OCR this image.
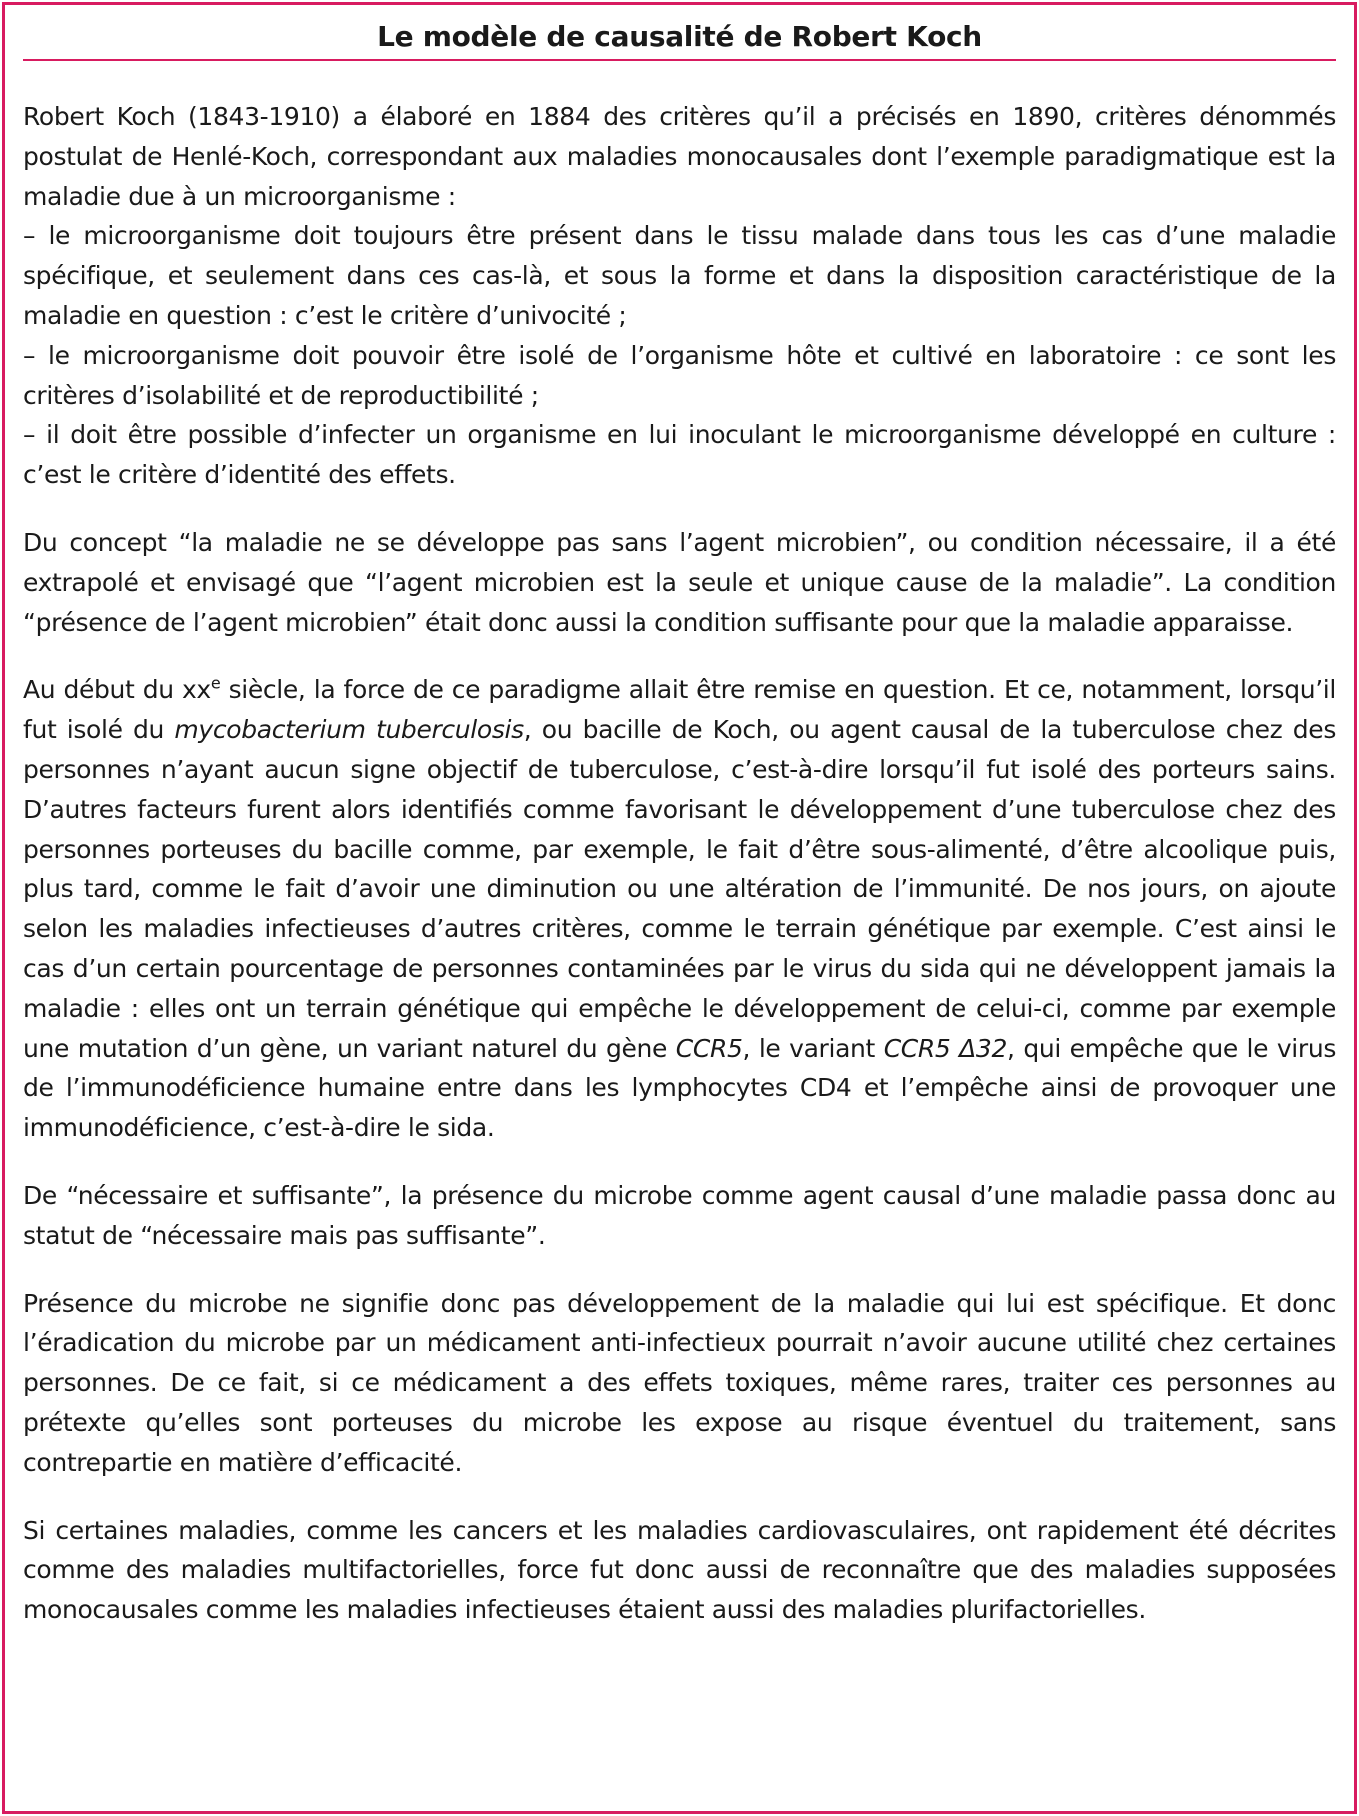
Le modèle de causalité de Robert Koch

Robert Koch (1843-1910) a élaboré en 1884 des critères qu’il a précisés en 1890, critères dénommés postulat de Henlé-Koch, correspondant aux maladies monocausales dont l’exemple paradigmatique est la maladie due à un microorganisme :
– le microorganisme doit toujours être présent dans le tissu malade dans tous les cas d’une maladie spécifique, et seulement dans ces cas-là, et sous la forme et dans la disposition caractéristique de la maladie en question : c’est le critère d’univocité ;
– le microorganisme doit pouvoir être isolé de l’organisme hôte et cultivé en laboratoire : ce sont les critères d’isolabilité et de reproductibilité ;
– il doit être possible d’infecter un organisme en lui inoculant le microorganisme développé en culture : c’est le critère d’identité des effets.

Du concept “la maladie ne se développe pas sans l’agent microbien”, ou condition nécessaire, il a été extrapolé et envisagé que “l’agent microbien est la seule et unique cause de la maladie”. La condition “présence de l’agent microbien” était donc aussi la condition suffisante pour que la maladie apparaisse.

Au début du $xx^e$ siècle, la force de ce paradigme allait être remise en question. Et ce, notamment, lorsqu’il fut isolé du mycobacterium tuberculosis, ou bacille de Koch, ou agent causal de la tuberculose chez des personnes n’ayant aucun signe objectif de tuberculose, c’est-à-dire lorsqu’il fut isolé des porteurs sains. D’autres facteurs furent alors identifiés comme favorisant le développement d’une tuberculose chez des personnes porteuses du bacille comme, par exemple, le fait d’être sous-alimenté, d’être alcoolique puis, plus tard, comme le fait d’avoir une diminution ou une altération de l’immunité. De nos jours, on ajoute selon les maladies infectieuses d’autres critères, comme le terrain génétique par exemple. C’est ainsi le cas d’un certain pourcentage de personnes contaminées par le virus du sida qui ne développent jamais la maladie : elles ont un terrain génétique qui empêche le développement de celui-ci, comme par exemple une mutation d’un gène, un variant naturel du gène CCR5, le variant CCR5 Δ32, qui empêche que le virus de l’immunodéficience humaine entre dans les lymphocytes CD4 et l’empêche ainsi de provoquer une immunodéficience, c’est-à-dire le sida.

De “nécessaire et suffisante”, la présence du microbe comme agent causal d’une maladie passa donc au statut de “nécessaire mais pas suffisante”.

Présence du microbe ne signifie donc pas développement de la maladie qui lui est spécifique. Et donc l’éradication du microbe par un médicament anti-infectieux pourrait n’avoir aucune utilité chez certaines personnes. De ce fait, si ce médicament a des effets toxiques, même rares, traiter ces personnes au prétexte qu’elles sont porteuses du microbe les expose au risque éventuel du traitement, sans contrepartie en matière d’efficacité.

Si certaines maladies, comme les cancers et les maladies cardiovasculaires, ont rapidement été décrites comme des maladies multifactorielles, force fut donc aussi de reconnaître que des maladies supposées monocausales comme les maladies infectieuses étaient aussi des maladies plurifactorielles.
